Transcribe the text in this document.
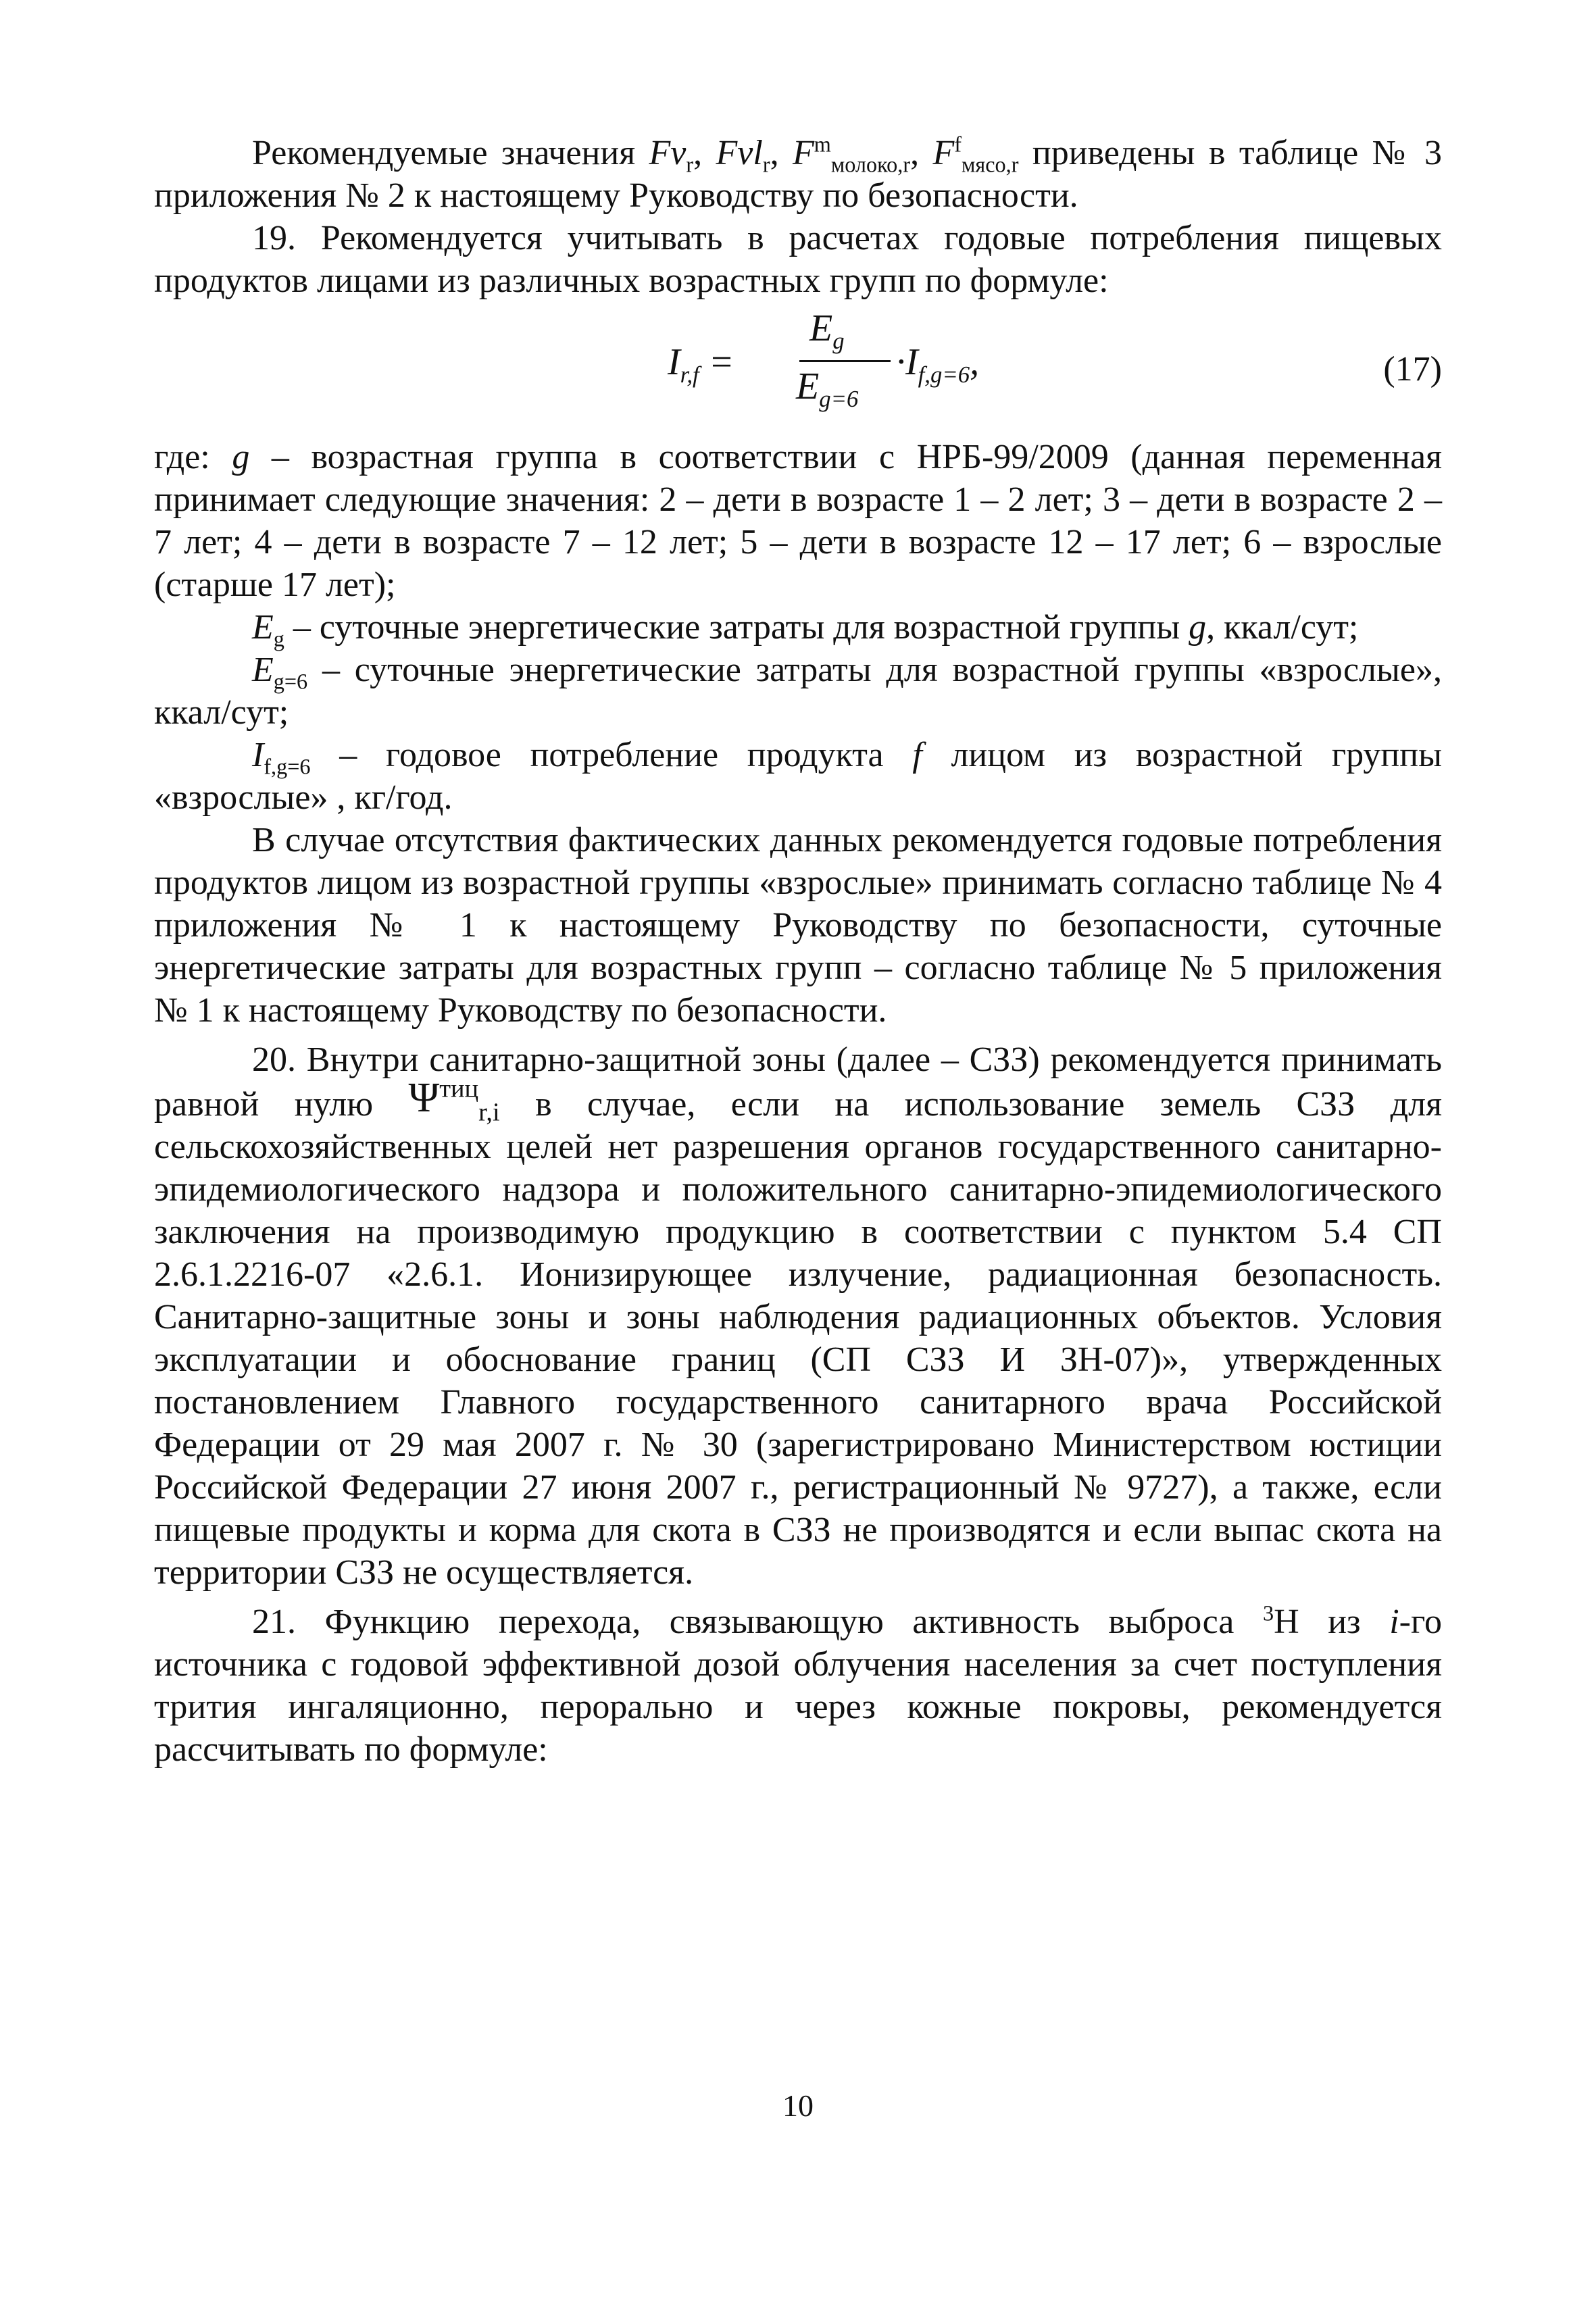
Рекомендуемые значения $Fv_r$, Fvl$_r$, $F^m_{молоко,r}$, $F^f_{мясо,r}$ приведены в таблице № 3 приложения № 2 к настоящему Руководству по безопасности.

19. Рекомендуется учитывать в расчетах годовые потребления пищевых продуктов лицами из различных возрастных групп по формуле:

$I_{r,f}$ =
$E_g$
$E_{g=6}$
$\cdot I_{f,g=6}$,	(17)

где: g – возрастная группа в соответствии с НРБ-99/2009 (данная переменная принимает следующие значения: 2 – дети в возрасте 1 – 2 лет; 3 – дети в возрасте 2 – 7 лет; 4 – дети в возрасте 7 – 12 лет; 5 – дети в возрасте 12 – 17 лет; 6 – взрослые (старше 17 лет);

$E_g$ – суточные энергетические затраты для возрастной группы g, ккал/сут;

$E_{g=6}$ – суточные энергетические затраты для возрастной группы «взрослые», ккал/сут;

$I_{f,g=6}$ – годовое потребление продукта f лицом из возрастной группы «взрослые» , кг/год.

В случае отсутствия фактических данных рекомендуется годовые потребления продуктов лицом из возрастной группы «взрослые» принимать согласно таблице № 4 приложения № 1 к настоящему Руководству по безопасности, суточные энергетические затраты для возрастных групп – согласно таблице № 5 приложения № 1 к настоящему Руководству по безопасности.

20. Внутри санитарно-защитной зоны (далее – СЗЗ) рекомендуется принимать равной нулю $\Psi^{тиц}_{r,i}$ в случае, если на использование земель СЗЗ для сельскохозяйственных целей нет разрешения органов государственного санитарно-эпидемиологического надзора и положительного санитарно-эпидемиологического заключения на производимую продукцию в соответствии с пунктом 5.4 СП 2.6.1.2216-07 «2.6.1. Ионизирующее излучение, радиационная безопасность. Санитарно-защитные зоны и зоны наблюдения радиационных объектов. Условия эксплуатации и обоснование границ (СП СЗЗ И ЗН-07)», утвержденных постановлением Главного государственного санитарного врача Российской Федерации от 29 мая 2007 г. № 30 (зарегистрировано Министерством юстиции Российской Федерации 27 июня 2007 г., регистрационный № 9727), а также, если пищевые продукты и корма для скота в СЗЗ не производятся и если выпас скота на территории СЗЗ не осуществляется.

21. Функцию перехода, связывающую активность выброса $^3$H из i-го источника с годовой эффективной дозой облучения населения за счет поступления трития ингаляционно, перорально и через кожные покровы, рекомендуется рассчитывать по формуле:

10
